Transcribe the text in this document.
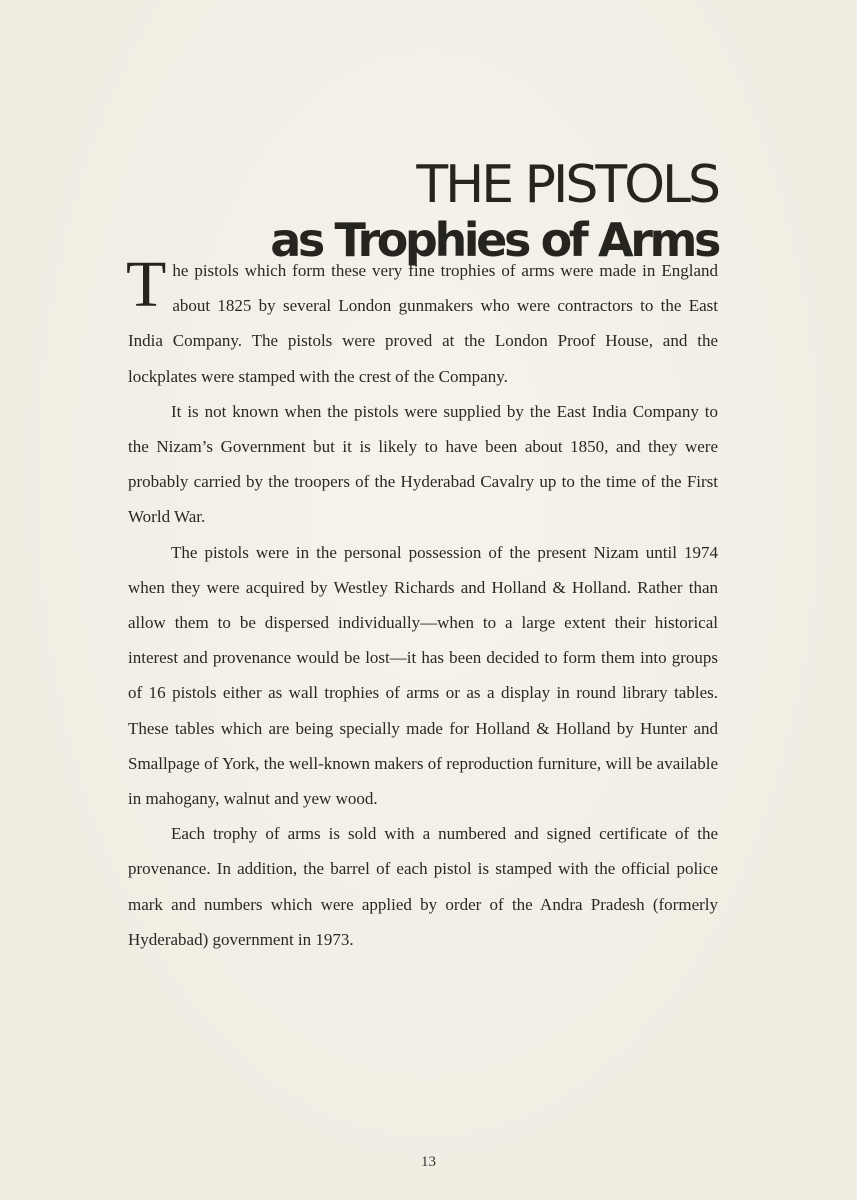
THE PISTOLS
as Trophies of Arms

The pistols which form these very fine trophies of arms were made in England about 1825 by several London gunmakers who were contractors to the East India Company. The pistols were proved at the London Proof House, and the lockplates were stamped with the crest of the Company.

It is not known when the pistols were supplied by the East India Company to the Nizam’s Government but it is likely to have been about 1850, and they were probably carried by the troopers of the Hyderabad Cavalry up to the time of the First World War.

The pistols were in the personal possession of the present Nizam until 1974 when they were acquired by Westley Richards and Holland & Holland. Rather than allow them to be dispersed individually—when to a large extent their historical interest and provenance would be lost—it has been decided to form them into groups of 16 pistols either as wall trophies of arms or as a display in round library tables. These tables which are being specially made for Holland & Holland by Hunter and Smallpage of York, the well-known makers of reproduction furniture, will be available in mahogany, walnut and yew wood.

Each trophy of arms is sold with a numbered and signed certificate of the provenance. In addition, the barrel of each pistol is stamped with the official police mark and numbers which were applied by order of the Andra Pradesh (formerly Hyderabad) government in 1973.

13
